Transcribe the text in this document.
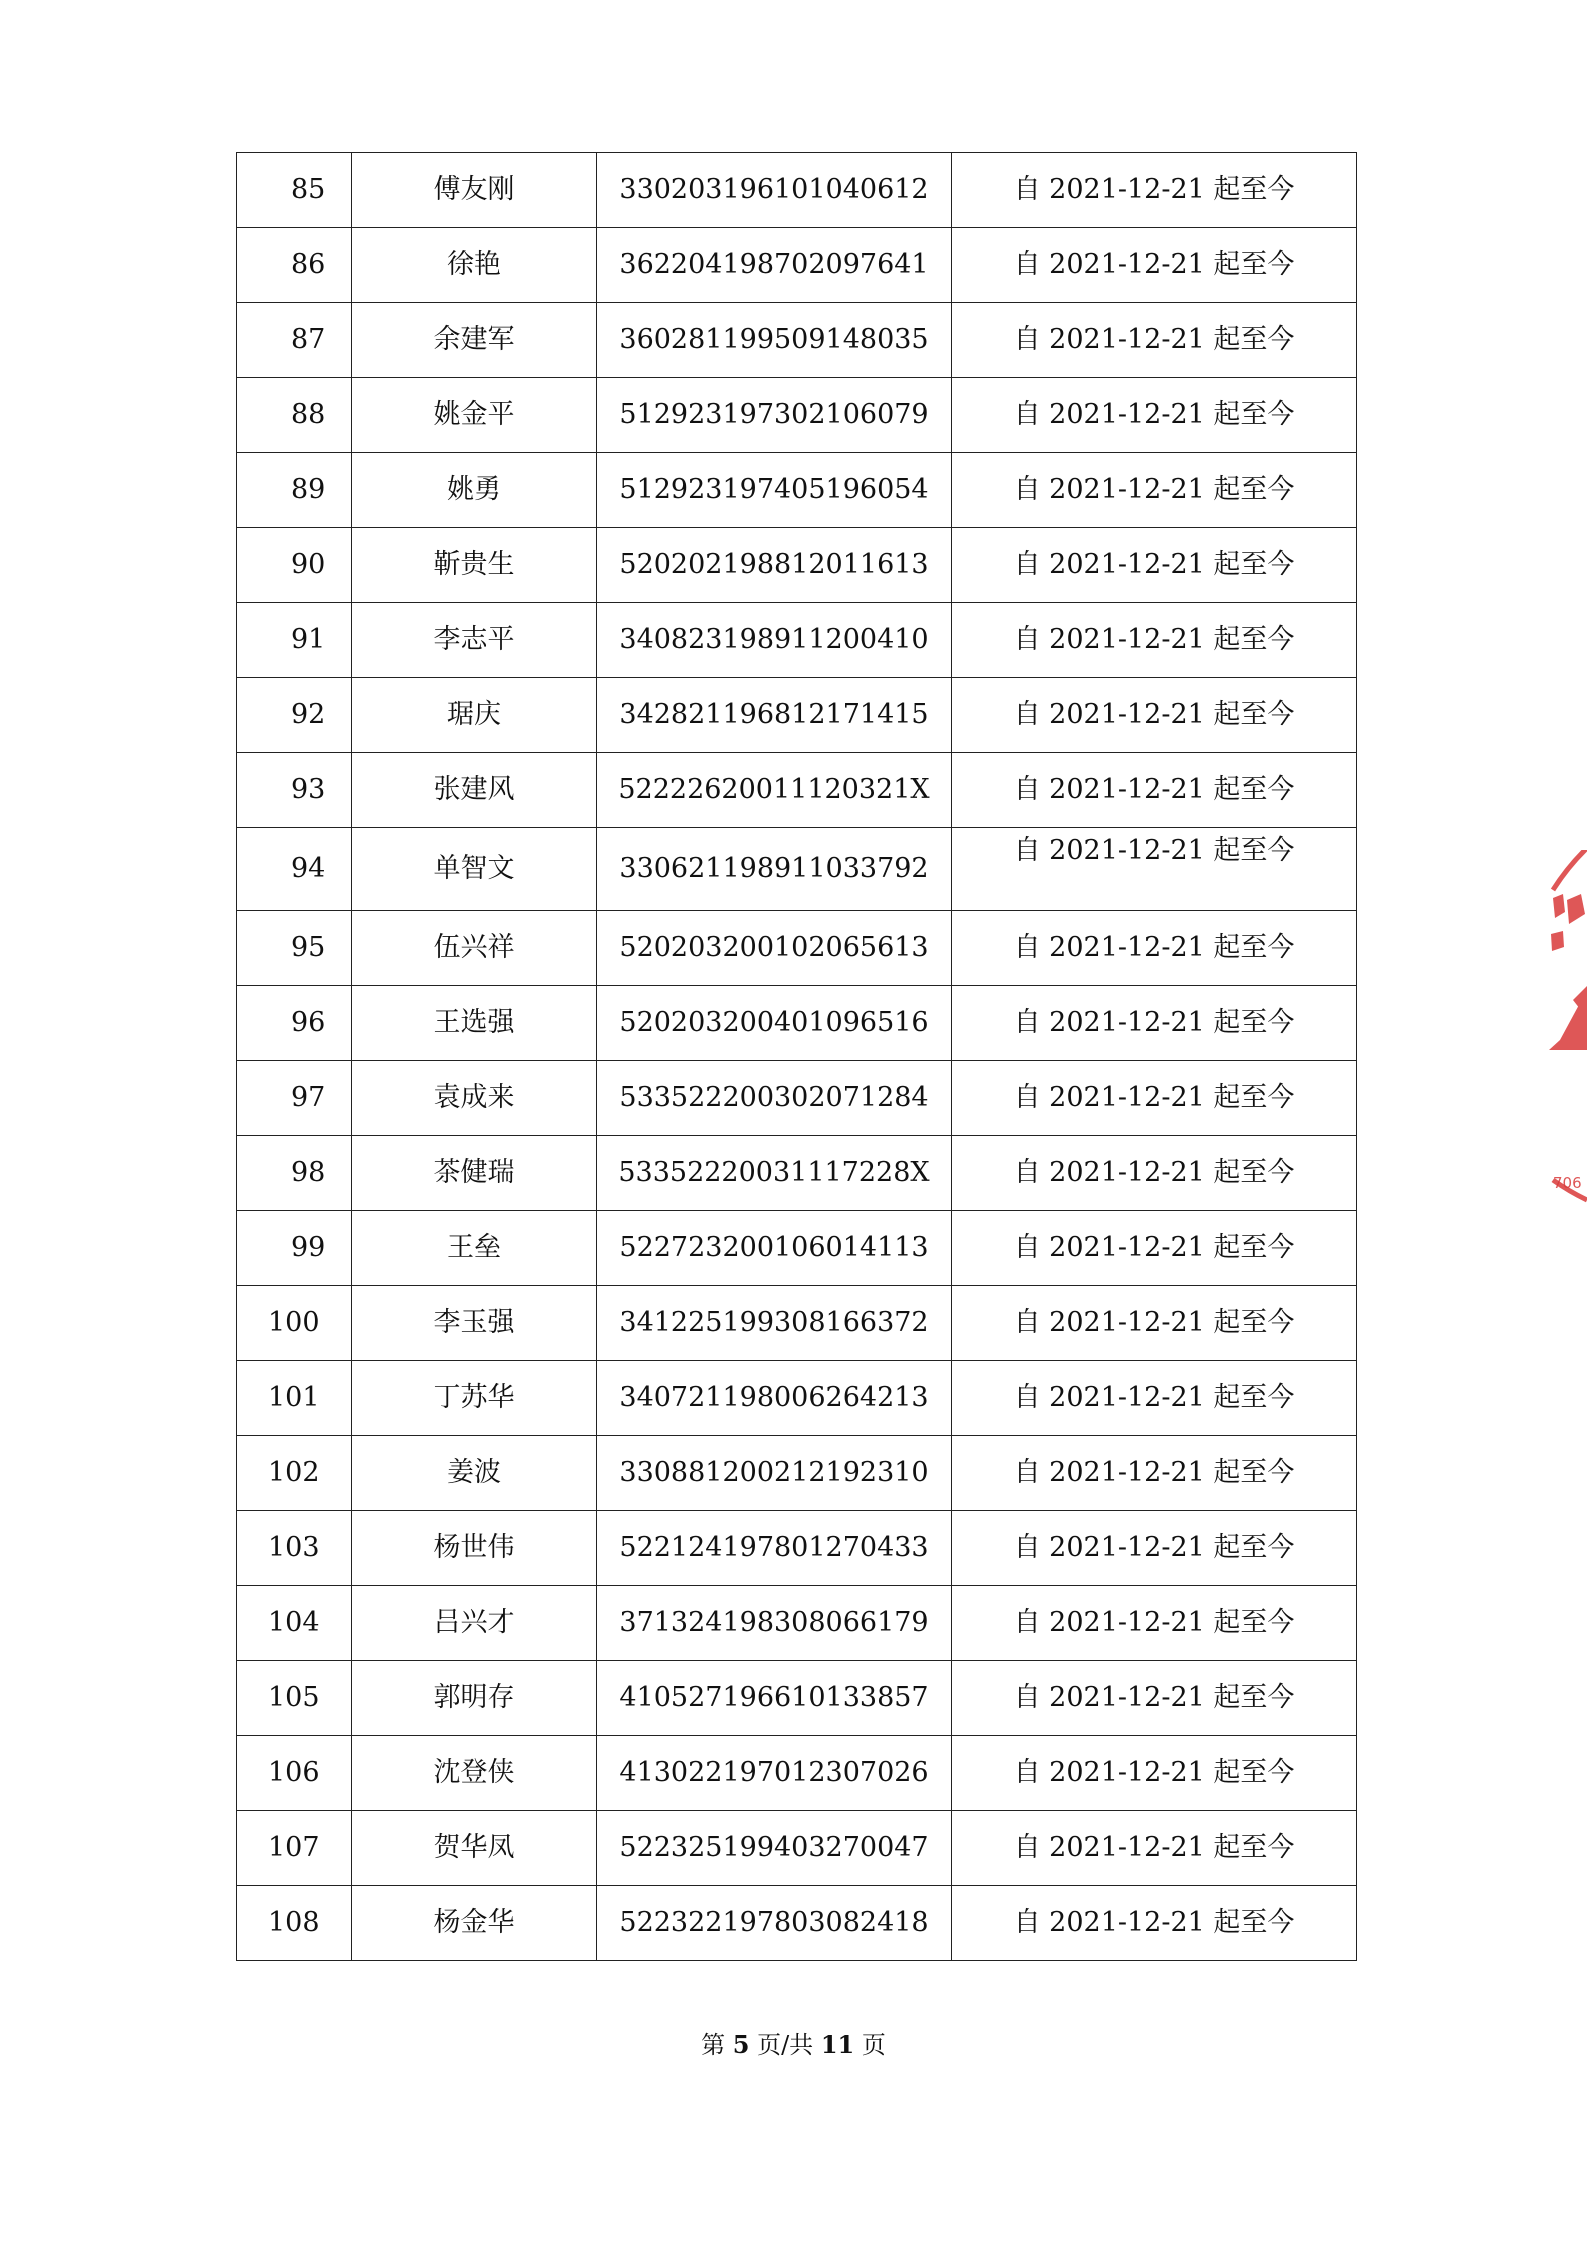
85	傅友刚	330203196101040612	自 2021-12-21 起至今
86	徐艳	362204198702097641	自 2021-12-21 起至今
87	余建军	360281199509148035	自 2021-12-21 起至今
88	姚金平	512923197302106079	自 2021-12-21 起至今
89	姚勇	512923197405196054	自 2021-12-21 起至今
90	靳贵生	520202198812011613	自 2021-12-21 起至今
91	李志平	340823198911200410	自 2021-12-21 起至今
92	琚庆	342821196812171415	自 2021-12-21 起至今
93	张建风	52222620011120321X	自 2021-12-21 起至今
94	单智文	330621198911033792	自 2021-12-21 起至今
95	伍兴祥	520203200102065613	自 2021-12-21 起至今
96	王选强	520203200401096516	自 2021-12-21 起至今
97	袁成来	533522200302071284	自 2021-12-21 起至今
98	茶健瑞	53352220031117228X	自 2021-12-21 起至今
99	王垒	522723200106014113	自 2021-12-21 起至今
100	李玉强	341225199308166372	自 2021-12-21 起至今
101	丁苏华	340721198006264213	自 2021-12-21 起至今
102	姜波	330881200212192310	自 2021-12-21 起至今
103	杨世伟	522124197801270433	自 2021-12-21 起至今
104	吕兴才	371324198308066179	自 2021-12-21 起至今
105	郭明存	410527196610133857	自 2021-12-21 起至今
106	沈登侠	413022197012307026	自 2021-12-21 起至今
107	贺华凤	522325199403270047	自 2021-12-21 起至今
108	杨金华	522322197803082418	自 2021-12-21 起至今
第 5 页/共 11 页
706
